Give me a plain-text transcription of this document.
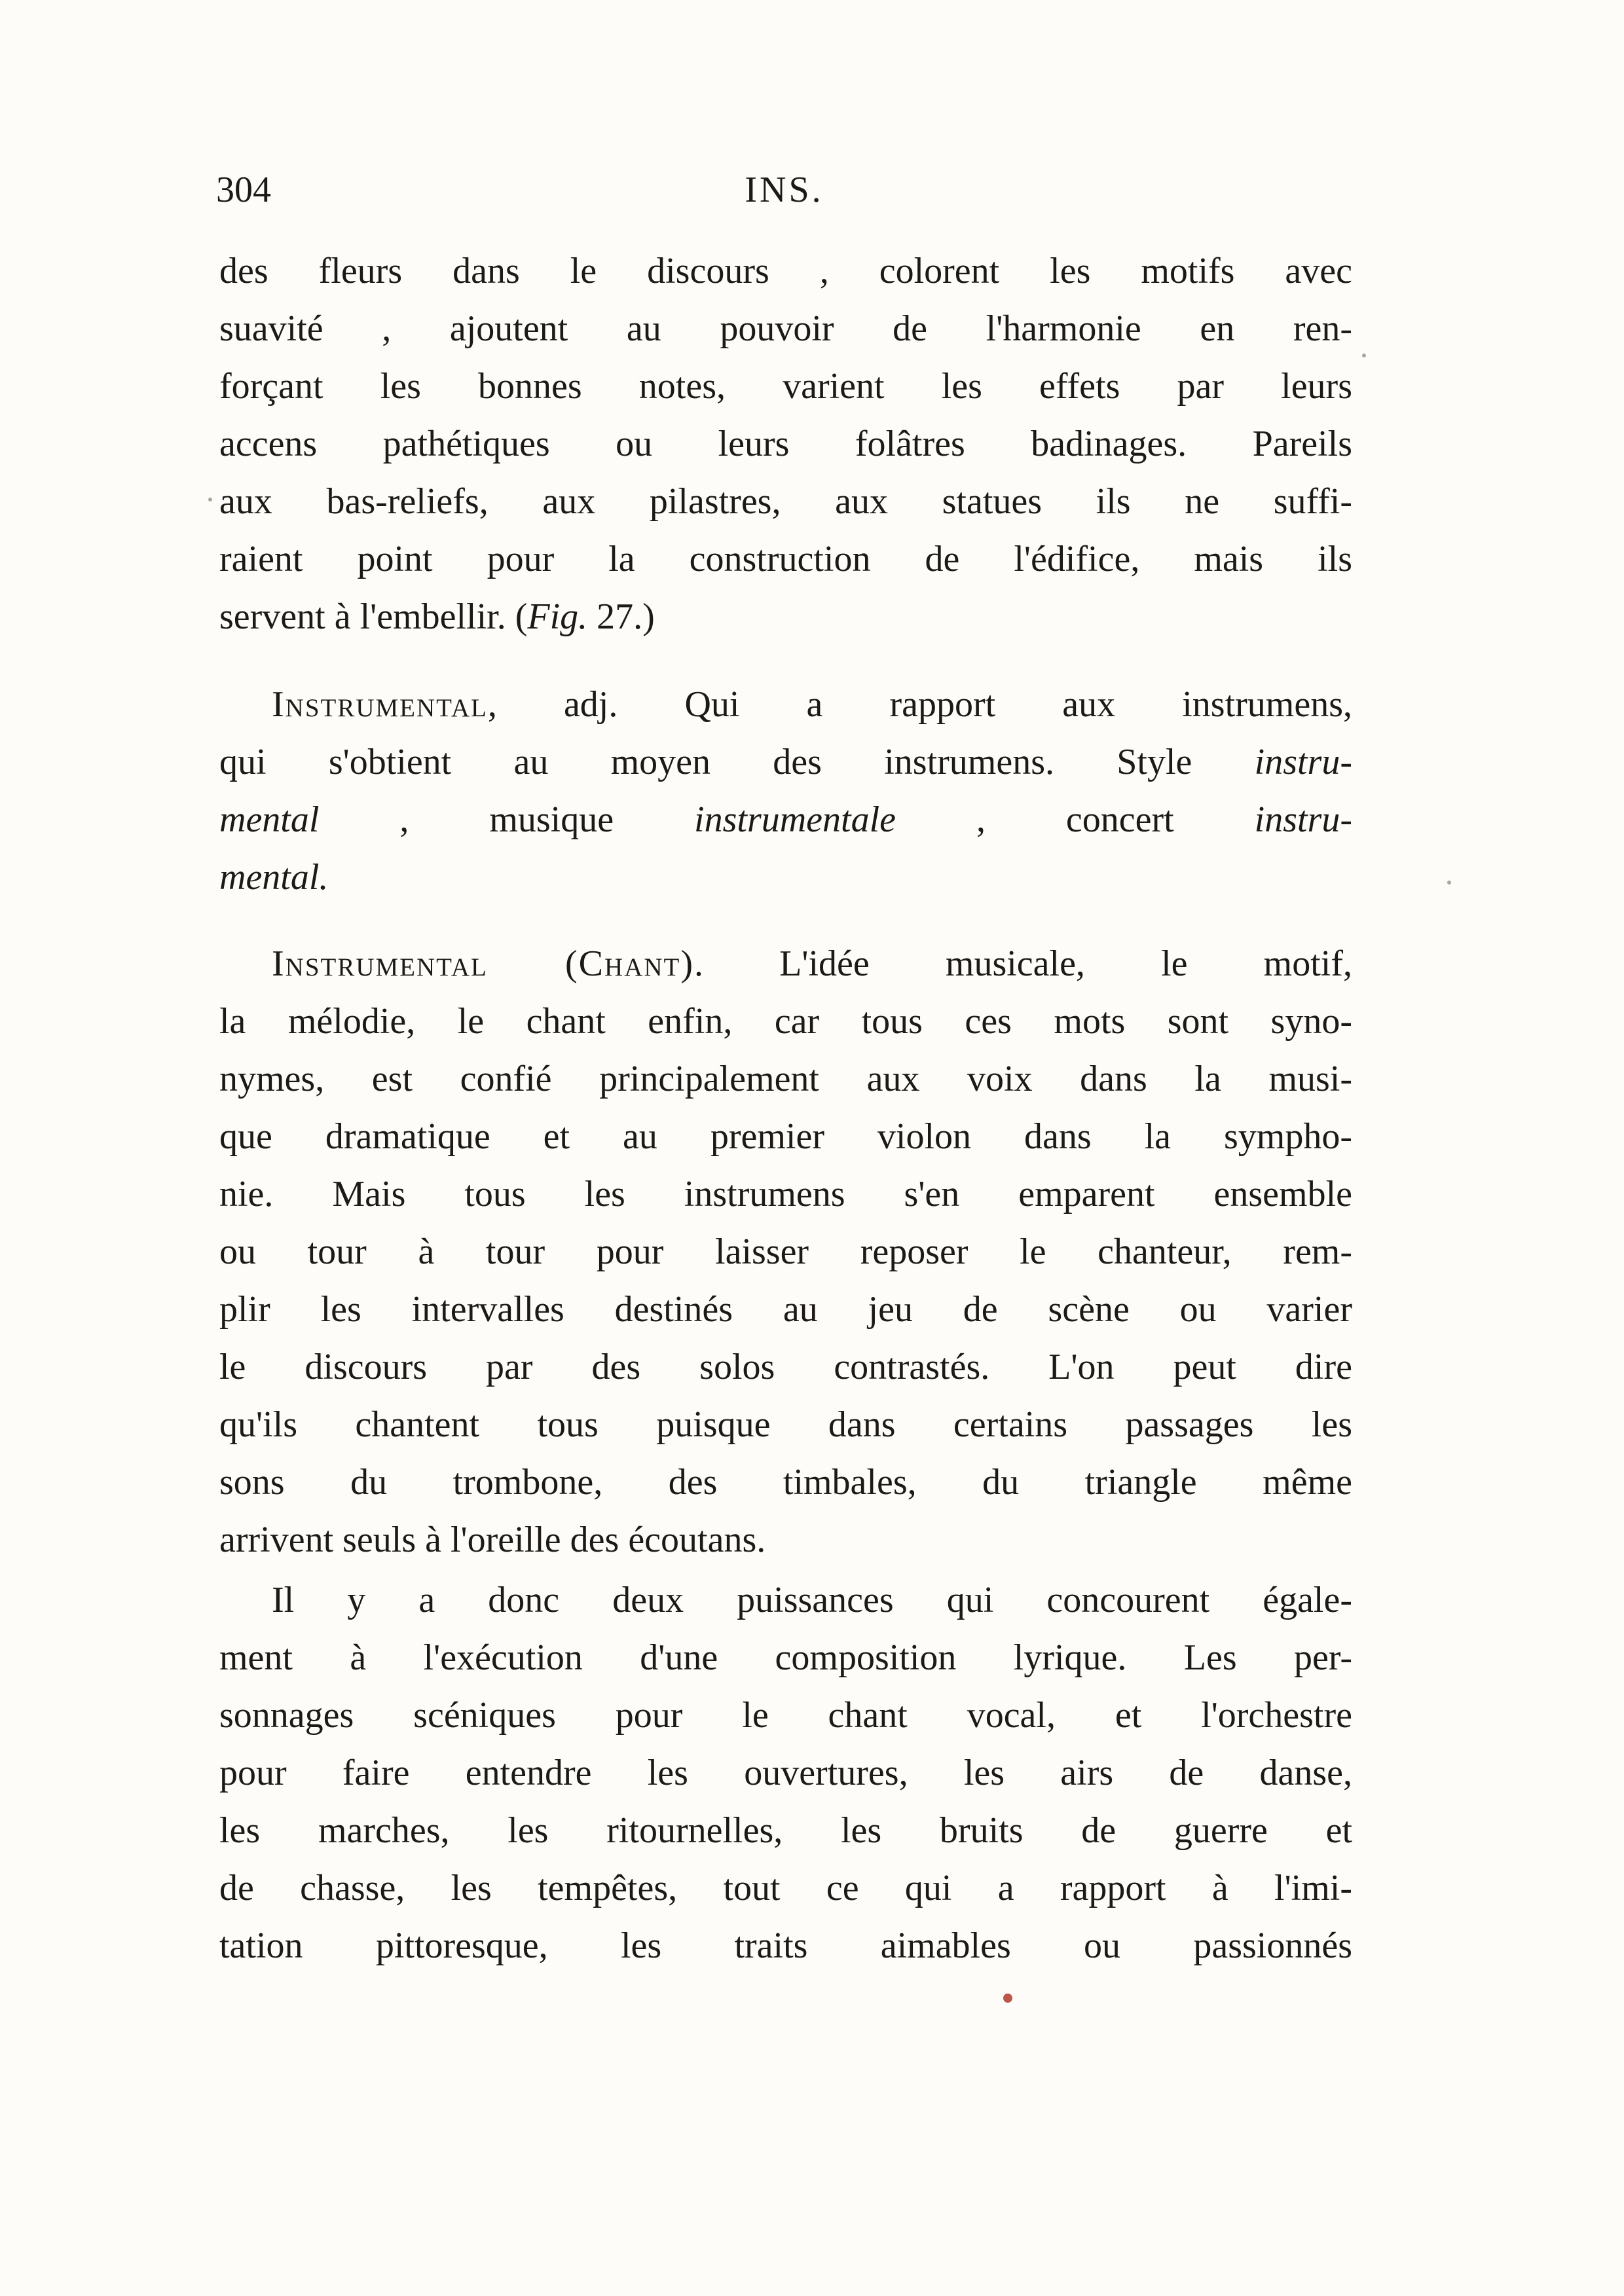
304	INS.
des fleurs dans le discours , colorent les motifs avec
suavité , ajoutent au pouvoir de l'harmonie en ren-
forçant les bonnes notes, varient les effets par leurs
accens pathétiques ou leurs folâtres badinages. Pareils
aux bas-reliefs, aux pilastres, aux statues ils ne suffi-
raient point pour la construction de l'édifice, mais ils
servent à l'embellir. (Fig. 27.)
Instrumental, adj. Qui a rapport aux instrumens,
qui s'obtient au moyen des instrumens. Style instru-
mental , musique instrumentale , concert instru-
mental.
Instrumental (Chant). L'idée musicale, le motif,
la mélodie, le chant enfin, car tous ces mots sont syno-
nymes, est confié principalement aux voix dans la musi-
que dramatique et au premier violon dans la sympho-
nie. Mais tous les instrumens s'en emparent ensemble
ou tour à tour pour laisser reposer le chanteur, rem-
plir les intervalles destinés au jeu de scène ou varier
le discours par des solos contrastés. L'on peut dire
qu'ils chantent tous puisque dans certains passages les
sons du trombone, des timbales, du triangle même
arrivent seuls à l'oreille des écoutans.
Il y a donc deux puissances qui concourent égale-
ment à l'exécution d'une composition lyrique. Les per-
sonnages scéniques pour le chant vocal, et l'orchestre
pour faire entendre les ouvertures, les airs de danse,
les marches, les ritournelles, les bruits de guerre et
de chasse, les tempêtes, tout ce qui a rapport à l'imi-
tation pittoresque, les traits aimables ou passionnés
